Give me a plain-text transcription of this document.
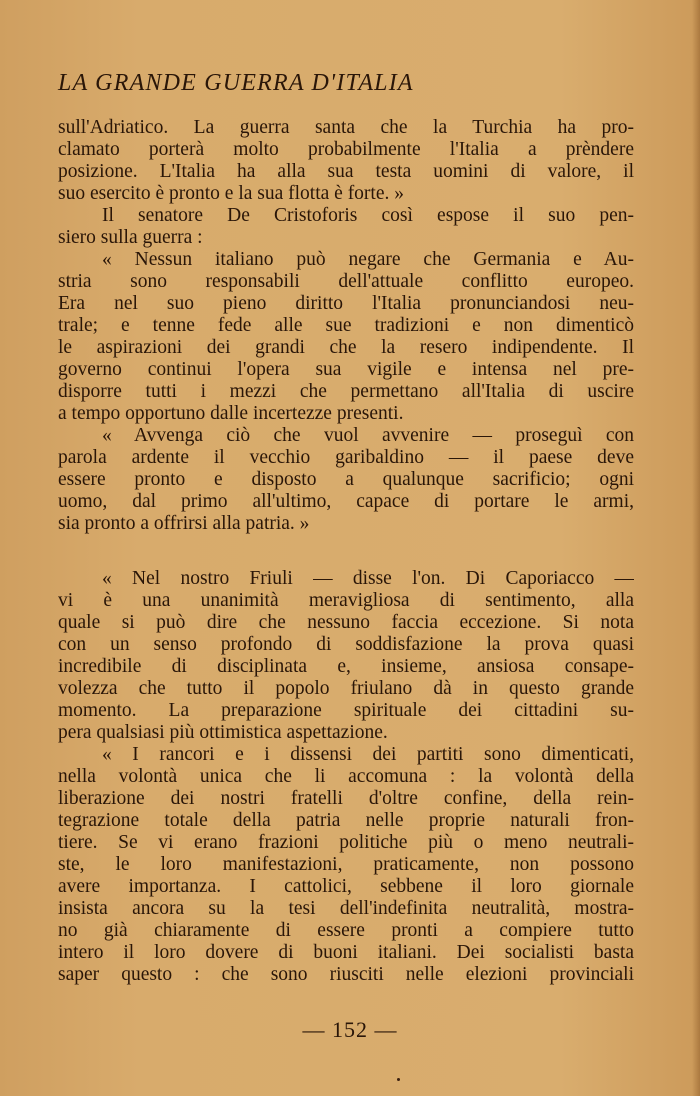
LA GRANDE GUERRA D'ITALIA
sull'Adriatico. La guerra santa che la Turchia ha pro-
clamato porterà molto probabilmente l'Italia a prèndere
posizione. L'Italia ha alla sua testa uomini di valore, il
suo esercito è pronto e la sua flotta è forte. »
Il senatore De Cristoforis così espose il suo pen-
siero sulla guerra :
« Nessun italiano può negare che Germania e Au-
stria sono responsabili dell'attuale conflitto europeo.
Era nel suo pieno diritto l'Italia pronunciandosi neu-
trale; e tenne fede alle sue tradizioni e non dimenticò
le aspirazioni dei grandi che la resero indipendente. Il
governo continui l'opera sua vigile e intensa nel pre-
disporre tutti i mezzi che permettano all'Italia di uscire
a tempo opportuno dalle incertezze presenti.
« Avvenga ciò che vuol avvenire — proseguì con
parola ardente il vecchio garibaldino — il paese deve
essere pronto e disposto a qualunque sacrificio; ogni
uomo, dal primo all'ultimo, capace di portare le armi,
sia pronto a offrirsi alla patria. »
« Nel nostro Friuli — disse l'on. Di Caporiacco —
vi è una unanimità meravigliosa di sentimento, alla
quale si può dire che nessuno faccia eccezione. Si nota
con un senso profondo di soddisfazione la prova quasi
incredibile di disciplinata e, insieme, ansiosa consape-
volezza che tutto il popolo friulano dà in questo grande
momento. La preparazione spirituale dei cittadini su-
pera qualsiasi più ottimistica aspettazione.
« I rancori e i dissensi dei partiti sono dimenticati,
nella volontà unica che li accomuna : la volontà della
liberazione dei nostri fratelli d'oltre confine, della rein-
tegrazione totale della patria nelle proprie naturali fron-
tiere. Se vi erano frazioni politiche più o meno neutrali-
ste, le loro manifestazioni, praticamente, non possono
avere importanza. I cattolici, sebbene il loro giornale
insista ancora su la tesi dell'indefinita neutralità, mostra-
no già chiaramente di essere pronti a compiere tutto
intero il loro dovere di buoni italiani. Dei socialisti basta
saper questo : che sono riusciti nelle elezioni provinciali
— 152 —
